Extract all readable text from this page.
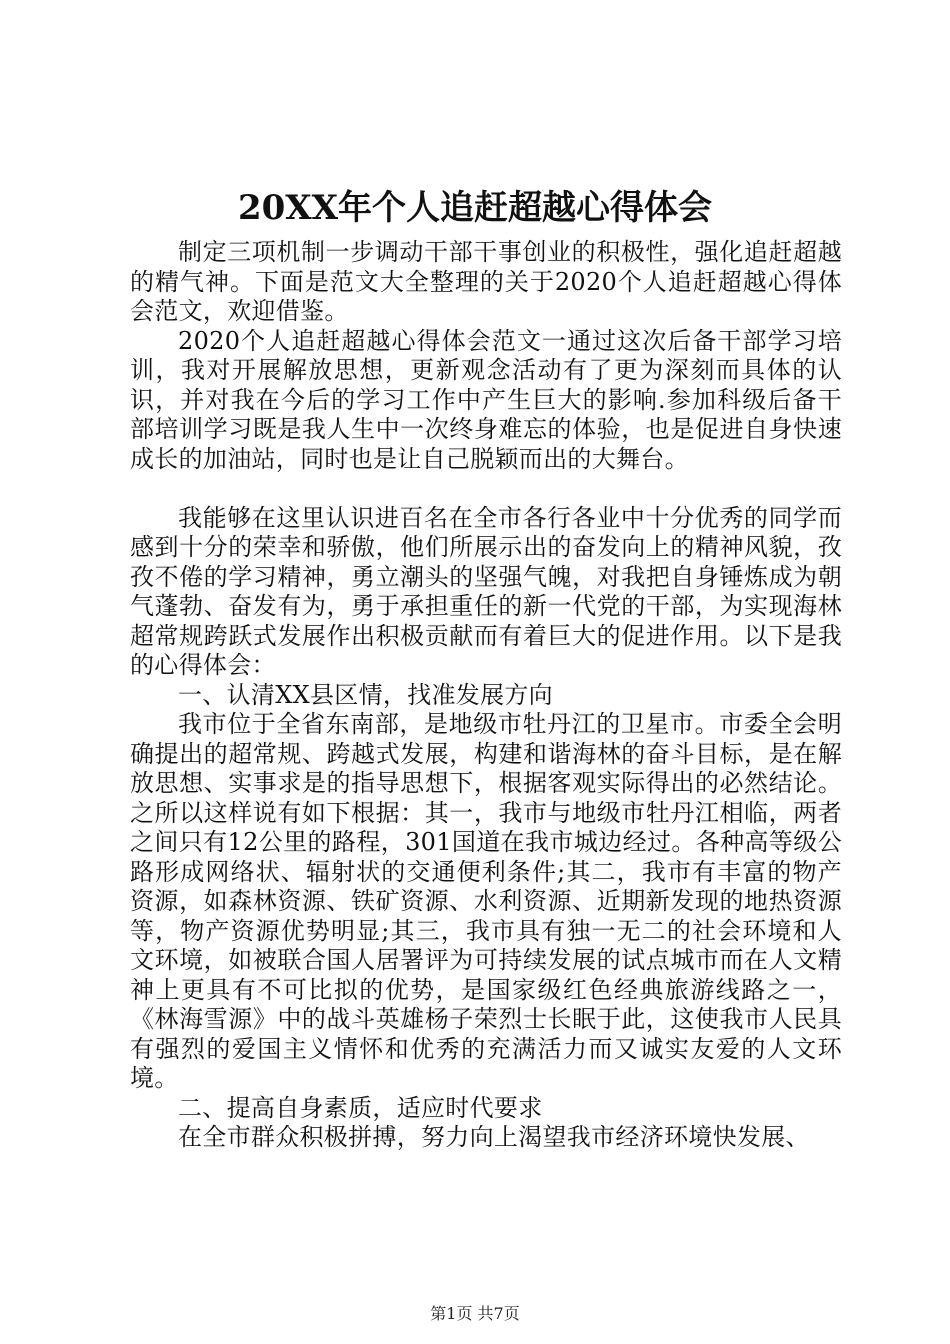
20XX年个人追赶超越心得体会

制定三项机制一步调动干部干事创业的积极性，强化追赶超越的精气神。下面是范文大全整理的关于2020个人追赶超越心得体会范文，欢迎借鉴。

2020个人追赶超越心得体会范文一通过这次后备干部学习培训，我对开展解放思想，更新观念活动有了更为深刻而具体的认识，并对我在今后的学习工作中产生巨大的影响.参加科级后备干部培训学习既是我人生中一次终身难忘的体验，也是促进自身快速成长的加油站，同时也是让自己脱颖而出的大舞台。

我能够在这里认识进百名在全市各行各业中十分优秀的同学而感到十分的荣幸和骄傲，他们所展示出的奋发向上的精神风貌，孜孜不倦的学习精神，勇立潮头的坚强气魄，对我把自身锤炼成为朝气蓬勃、奋发有为，勇于承担重任的新一代党的干部，为实现海林超常规跨跃式发展作出积极贡献而有着巨大的促进作用。以下是我的心得体会：

一、认清XX县区情，找准发展方向

我市位于全省东南部，是地级市牡丹江的卫星市。市委全会明确提出的超常规、跨越式发展，构建和谐海林的奋斗目标，是在解放思想、实事求是的指导思想下，根据客观实际得出的必然结论。之所以这样说有如下根据：其一，我市与地级市牡丹江相临，两者之间只有12公里的路程，301国道在我市城边经过。各种高等级公路形成网络状、辐射状的交通便利条件;其二，我市有丰富的物产资源，如森林资源、铁矿资源、水利资源、近期新发现的地热资源等，物产资源优势明显;其三，我市具有独一无二的社会环境和人文环境，如被联合国人居署评为可持续发展的试点城市而在人文精神上更具有不可比拟的优势，是国家级红色经典旅游线路之一，《林海雪源》中的战斗英雄杨子荣烈士长眠于此，这使我市人民具有强烈的爱国主义情怀和优秀的充满活力而又诚实友爱的人文环境。

二、提高自身素质，适应时代要求

在全市群众积极拼搏，努力向上渴望我市经济环境快发展、

第1页 共7页
